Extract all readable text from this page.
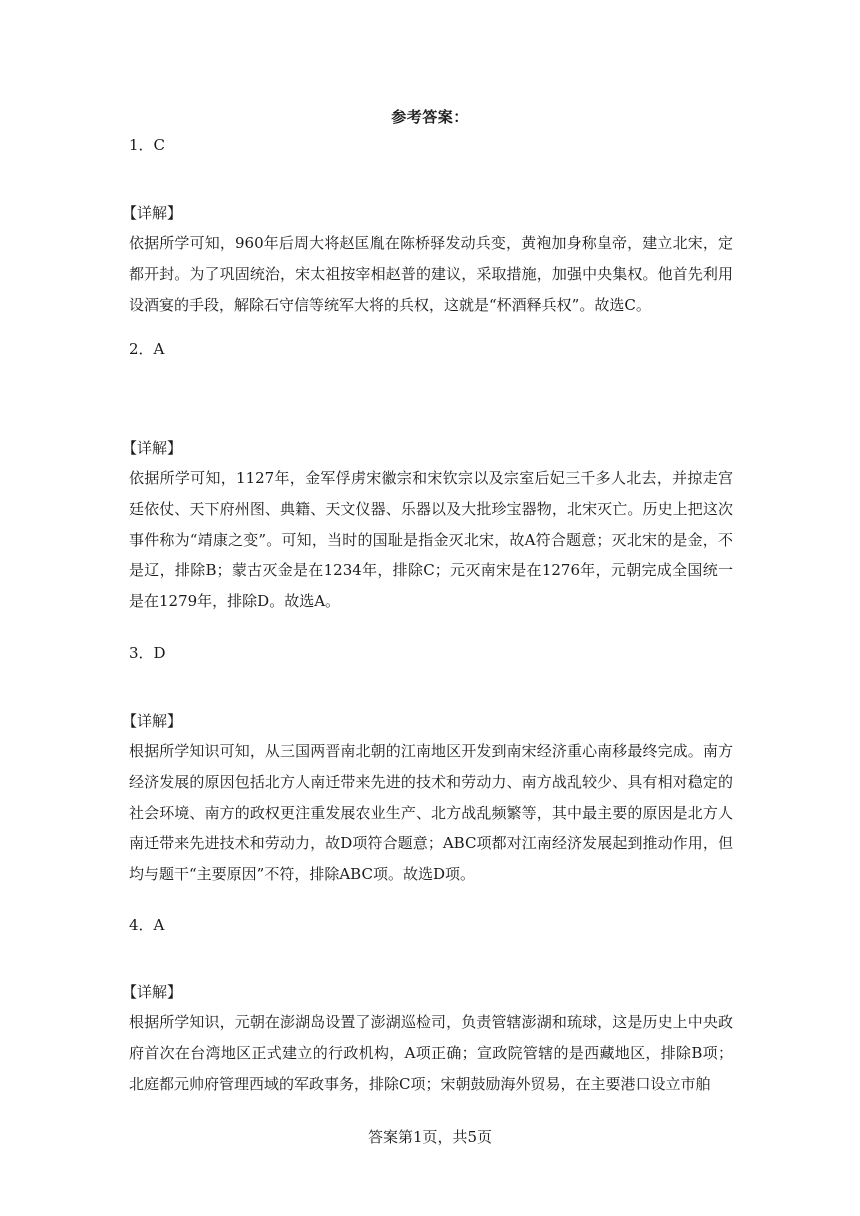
参考答案：
1．C
【详解】
依据所学可知，960年后周大将赵匡胤在陈桥驿发动兵变，黄袍加身称皇帝，建立北宋，定都开封。为了巩固统治，宋太祖按宰相赵普的建议，采取措施，加强中央集权。他首先利用设酒宴的手段，解除石守信等统军大将的兵权，这就是“杯酒释兵权”。故选C。
2．A
【详解】
依据所学可知，1127年，金军俘虏宋徽宗和宋钦宗以及宗室后妃三千多人北去，并掠走宫廷依仗、天下府州图、典籍、天文仪器、乐器以及大批珍宝器物，北宋灭亡。历史上把这次事件称为“靖康之变”。可知，当时的国耻是指金灭北宋，故A符合题意；灭北宋的是金，不是辽，排除B；蒙古灭金是在1234年，排除C；元灭南宋是在1276年，元朝完成全国统一是在1279年，排除D。故选A。
3．D
【详解】
根据所学知识可知，从三国两晋南北朝的江南地区开发到南宋经济重心南移最终完成。南方经济发展的原因包括北方人南迁带来先进的技术和劳动力、南方战乱较少、具有相对稳定的社会环境、南方的政权更注重发展农业生产、北方战乱频繁等，其中最主要的原因是北方人南迁带来先进技术和劳动力，故D项符合题意；ABC项都对江南经济发展起到推动作用，但均与题干“主要原因”不符，排除ABC项。故选D项。
4．A
【详解】
根据所学知识，元朝在澎湖岛设置了澎湖巡检司，负责管辖澎湖和琉球，这是历史上中央政府首次在台湾地区正式建立的行政机构，A项正确；宣政院管辖的是西藏地区，排除B项；北庭都元帅府管理西域的军政事务，排除C项；宋朝鼓励海外贸易，在主要港口设立市舶
答案第1页，共5页
